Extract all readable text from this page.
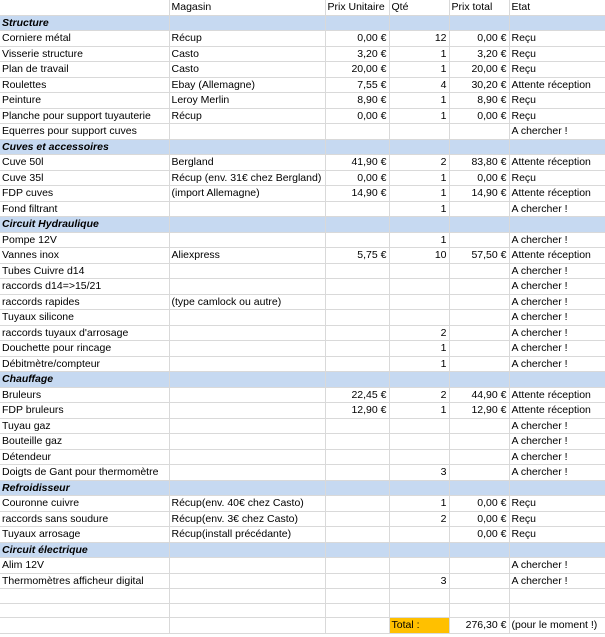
	Magasin	Prix Unitaire	Qté	Prix total	Etat
Structure					
Corniere métal	Récup	0,00 €	12	0,00 €	Reçu
Visserie structure	Casto	3,20 €	1	3,20 €	Reçu
Plan de travail	Casto	20,00 €	1	20,00 €	Reçu
Roulettes	Ebay (Allemagne)	7,55 €	4	30,20 €	Attente réception
Peinture	Leroy Merlin	8,90 €	1	8,90 €	Reçu
Planche pour support tuyauterie	Récup	0,00 €	1	0,00 €	Reçu
Equerres pour support cuves					A chercher !
Cuves et accessoires					
Cuve 50l	Bergland	41,90 €	2	83,80 €	Attente réception
Cuve 35l	Récup (env. 31€ chez Bergland)	0,00 €	1	0,00 €	Reçu
FDP cuves	(import Allemagne)	14,90 €	1	14,90 €	Attente réception
Fond filtrant			1		A chercher !
Circuit Hydraulique					
Pompe 12V			1		A chercher !
Vannes inox	Aliexpress	5,75 €	10	57,50 €	Attente réception
Tubes Cuivre d14					A chercher !
raccords d14=>15/21					A chercher !
raccords rapides	(type camlock ou autre)				A chercher !
Tuyaux silicone					A chercher !
raccords tuyaux d'arrosage			2		A chercher !
Douchette pour rincage			1		A chercher !
Débitmètre/compteur			1		A chercher !
Chauffage					
Bruleurs		22,45 €	2	44,90 €	Attente réception
FDP bruleurs		12,90 €	1	12,90 €	Attente réception
Tuyau gaz					A chercher !
Bouteille gaz					A chercher !
Détendeur					A chercher !
Doigts de Gant pour thermomètre			3		A chercher !
Refroidisseur					
Couronne cuivre	Récup(env. 40€ chez Casto)		1	0,00 €	Reçu
raccords sans soudure	Récup(env. 3€ chez Casto)		2	0,00 €	Reçu
Tuyaux arrosage	Récup(install précédante)			0,00 €	Reçu
Circuit électrique					
Alim 12V					A chercher !
Thermomètres afficheur digital			3		A chercher !

			Total :	276,30 €	(pour le moment !)
